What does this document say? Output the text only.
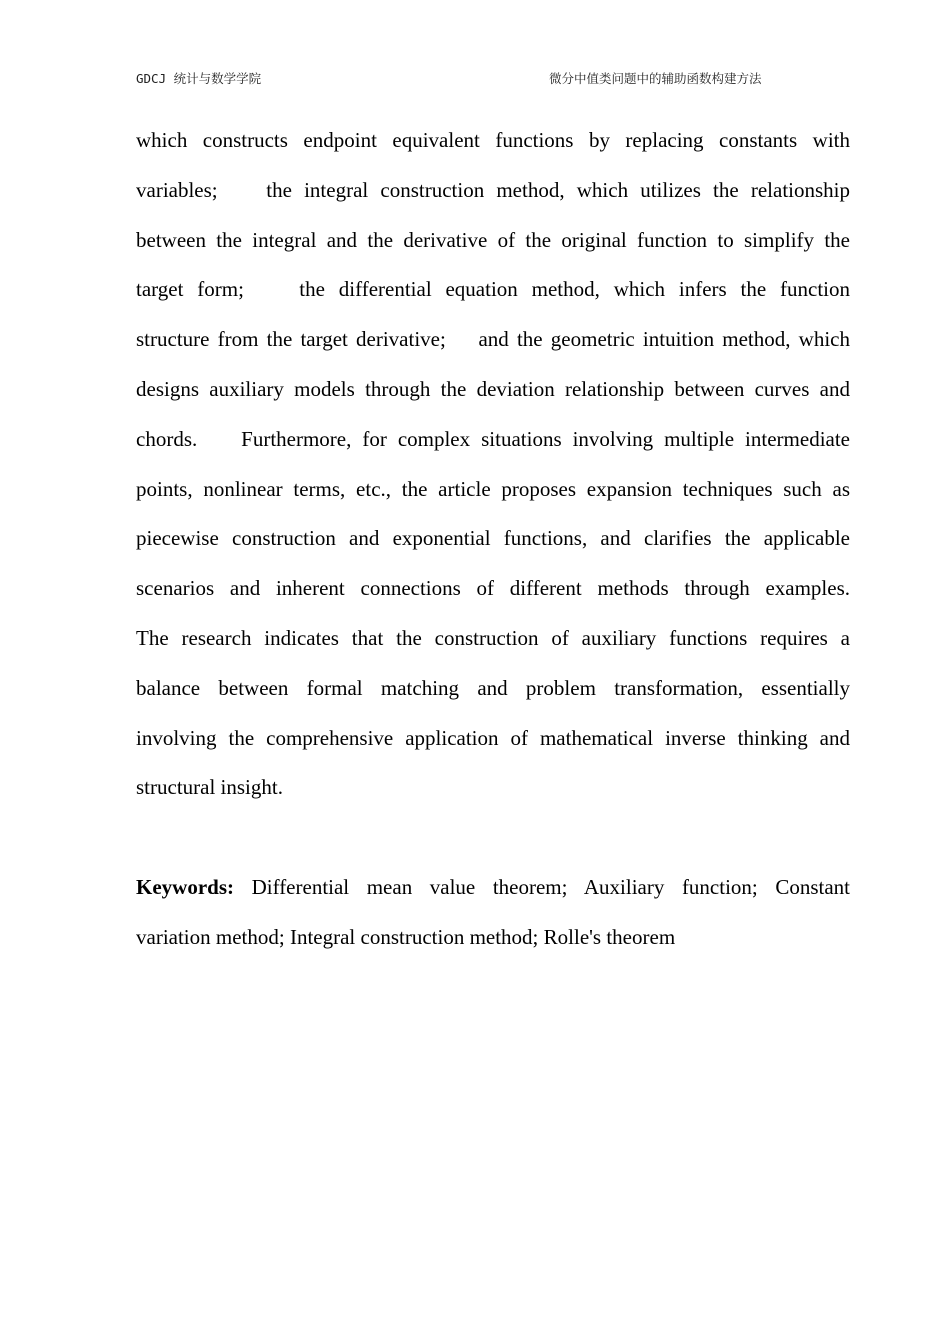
GDCJ 统计与数学学院	微分中值类问题中的辅助函数构建方法
which constructs endpoint equivalent functions by replacing constants with
variables;    the integral construction method, which utilizes the relationship
between the integral and the derivative of the original function to simplify the
target form;    the differential equation method, which infers the function
structure from the target derivative;    and the geometric intuition method, which
designs auxiliary models through the deviation relationship between curves and
chords.    Furthermore, for complex situations involving multiple intermediate
points, nonlinear terms, etc., the article proposes expansion techniques such as
piecewise construction and exponential functions, and clarifies the applicable
scenarios and inherent connections of different methods through examples.
The research indicates that the construction of auxiliary functions requires a
balance between formal matching and problem transformation, essentially
involving the comprehensive application of mathematical inverse thinking and
structural insight.
Keywords: Differential mean value theorem; Auxiliary function; Constant
variation method; Integral construction method; Rolle's theorem
